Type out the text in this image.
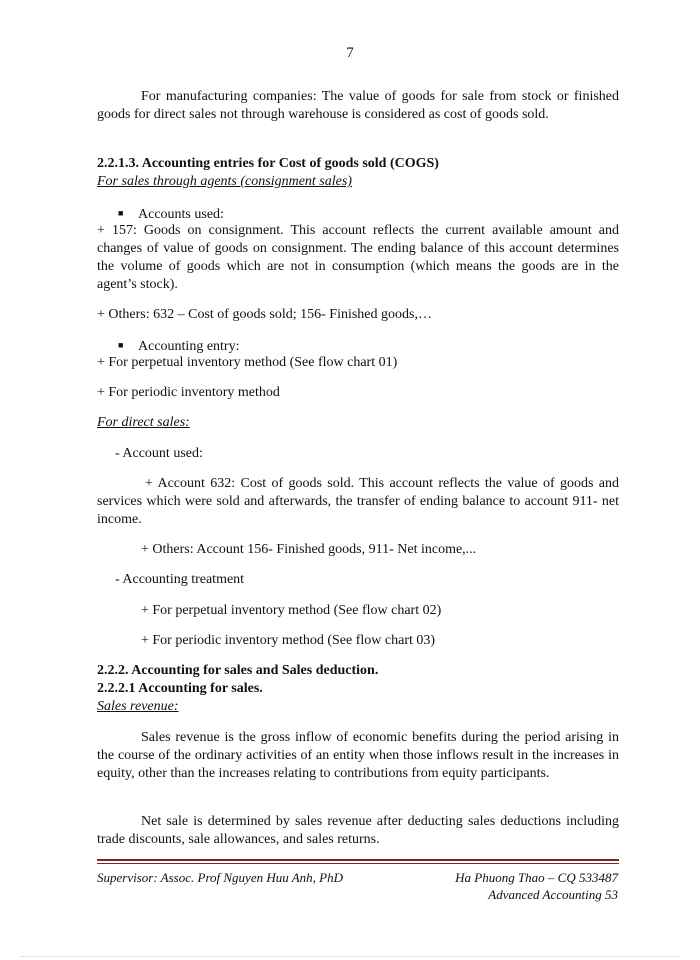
7
For manufacturing companies: The value of goods for sale from stock or finished goods for direct sales not through warehouse is considered as cost of goods sold.
2.2.1.3. Accounting entries for Cost of goods sold (COGS)
For sales through agents (consignment sales)
■ Accounts used:
+ 157: Goods on consignment. This account reflects the current available amount and changes of value of goods on consignment. The ending balance of this account determines the volume of goods which are not in consumption (which means the goods are in the agent’s stock).
+ Others: 632 – Cost of goods sold; 156- Finished goods,…
■ Accounting entry:
+ For perpetual inventory method (See flow chart 01)
+ For periodic inventory method
For direct sales:
- Account used:
+ Account 632: Cost of goods sold. This account reflects the value of goods and services which were sold and afterwards, the transfer of ending balance to account 911- net income.
+ Others: Account 156- Finished goods, 911- Net income,...
- Accounting treatment
+ For perpetual inventory method (See flow chart 02)
+ For periodic inventory method (See flow chart 03)
2.2.2. Accounting for sales and Sales deduction.
2.2.2.1 Accounting for sales.
Sales revenue:
Sales revenue is the gross inflow of economic benefits during the period arising in the course of the ordinary activities of an entity when those inflows result in the increases in equity, other than the increases relating to contributions from equity participants.
Net sale is determined by sales revenue after deducting sales deductions including trade discounts, sale allowances, and sales returns.
Supervisor: Assoc. Prof Nguyen Huu Anh, PhD	Ha Phuong Thao – CQ 533487
Advanced Accounting 53
